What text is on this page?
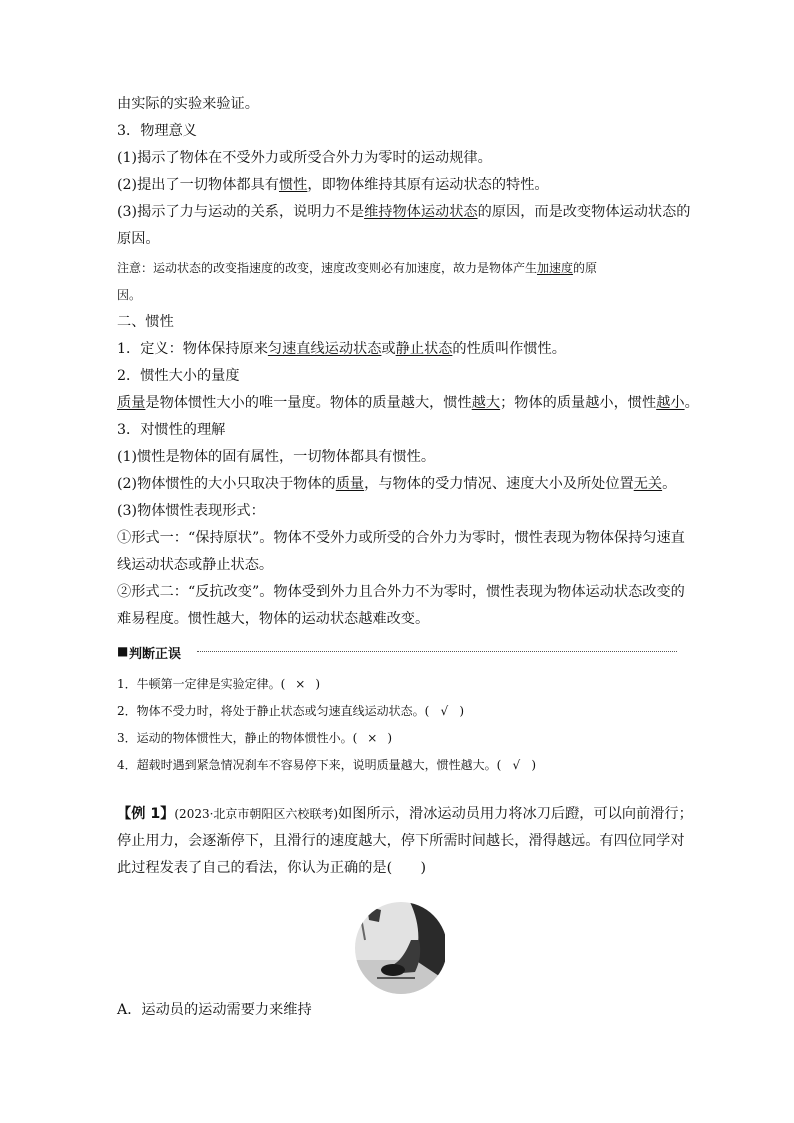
由实际的实验来验证。
3．物理意义
(1)揭示了物体在不受外力或所受合外力为零时的运动规律。
(2)提出了一切物体都具有惯性，即物体维持其原有运动状态的特性。
(3)揭示了力与运动的关系，说明力不是维持物体运动状态的原因，而是改变物体运动状态的
原因。
注意：运动状态的改变指速度的改变，速度改变则必有加速度，故力是物体产生加速度的原
因。
二、惯性
1．定义：物体保持原来匀速直线运动状态或静止状态的性质叫作惯性。
2．惯性大小的量度
质量是物体惯性大小的唯一量度。物体的质量越大，惯性越大；物体的质量越小，惯性越小。
3．对惯性的理解
(1)惯性是物体的固有属性，一切物体都具有惯性。
(2)物体惯性的大小只取决于物体的质量，与物体的受力情况、速度大小及所处位置无关。
(3)物体惯性表现形式：
①形式一：“保持原状”。物体不受外力或所受的合外力为零时，惯性表现为物体保持匀速直
线运动状态或静止状态。
②形式二：“反抗改变”。物体受到外力且合外力不为零时，惯性表现为物体运动状态改变的
难易程度。惯性越大，物体的运动状态越难改变。
■ 判断正误
1．牛顿第一定律是实验定律。( × )
2．物体不受力时，将处于静止状态或匀速直线运动状态。( √ )
3．运动的物体惯性大，静止的物体惯性小。( × )
4．超载时遇到紧急情况刹车不容易停下来，说明质量越大，惯性越大。( √ )
【例 1】(2023·北京市朝阳区六校联考)如图所示，滑冰运动员用力将冰刀后蹬，可以向前滑行；
停止用力，会逐渐停下，且滑行的速度越大，停下所需时间越长，滑得越远。有四位同学对
此过程发表了自己的看法，你认为正确的是(　　)
A．运动员的运动需要力来维持
